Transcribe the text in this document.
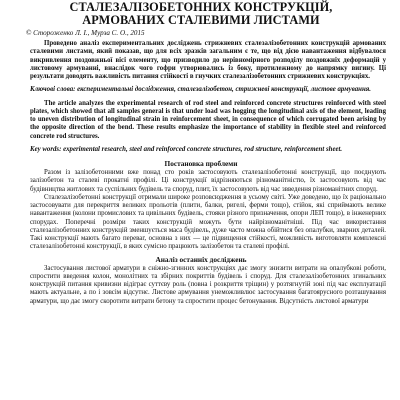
СТАЛЕЗАЛІЗОБЕТОННИХ КОНСТРУКЦІЙ,
АРМОВАНИХ СТАЛЕВИМИ ЛИСТАМИ
© Стороженко Л. І., Мурза С. О., 2015
Проведено аналіз експериментальних досліджень стрижневих сталезалізобетонних конструкцій армованих сталевими листами, який показав, що для всіх зразків загальним є те, що від дією навантаження відбувалося викривлення поздовжньої вісі елементу, що призводило до нерівномірного розподілу поздовжніх деформацій у листовому армуванні, внаслідок чого гофри утворювались із боку, протилежному до напрямку вигину. Ці результати доводять важливість питання стійкості в гнучких сталезалізобетонних стрижневих конструкціях.
Ключові слова: експериментальні дослідження, сталезалізобетон, стрижневі конструкції, листове армування.
The article analyzes the experimental research of rod steel and reinforced concrete structures reinforced with steel plates, which showed that all samples general is that under load was hogging the longitudinal axis of the element, leading to uneven distribution of longitudinal strain in reinforcement sheet, in consequence of which corrugated been arising by the opposite direction of the bend. These results emphasize the importance of stability in flexible steel and reinforced concrete rod structures.
Key words: experimental research, steel and reinforced concrete structures, rod structure, reinforcement sheet.
Постановка проблеми
Разом із залізобетонними вже понад сто років застосовують сталезалізобетонні конструкції, що поєднують залізобетон та сталеві прокатні профілі. Ці конструкції відрізняються різноманітністю, їх застосовують від час будівництва житлових та суспільних будівель та споруд, плит, їх застосовують від час звведення різноманітних споруд.
Сталезалізобетонні конструкції отримали широке розповсюдження в усьому світі. Уже доведено, що їх раціонально застосовувати для перекриття великих прольотів (плити, балки, ригелі, ферми тощо), стійок, які сприймають велике навантаження (колони промислових та цивільних будівель, стояки різного призначення, опори ЛЕП тощо), в інженерних спорудах. Поперечні розміри таких конструкцій можуть бути найрізноманітніші. Під час використання сталезалізобетонних конструкцій зменшується маса будівель, дуже часто можна обійтися без опалубки, зварних деталей. Такі конструкції мають багато переваг, основна з них — це підвищення стійкості, можливість виготовляти комплексні сталезалізобетонні конструкції, в яких сумісно працюють залізобетон та сталеві профілі.
Аналіз останніх досліджень
Застосування листової арматури в сніжно-згинних конструкціях дає змогу знизити витрати на опалубкові роботи, спростити введення колон, монолітних та збірних покриттів будівель і споруд. Для сталезалізобетонних згинальних конструкцій питання кривизни відіграє суттєву роль (повна і розкриття тріщин) у розтягнутій зоні під час експлуатації мають актуальне, а по і зовсім відсутнє. Листове армування унеможливлює застосування багатоярусного розташування арматури, що дає змогу скоротити витрати бетону та спростити процес бетонування. Відсутність листової арматури
